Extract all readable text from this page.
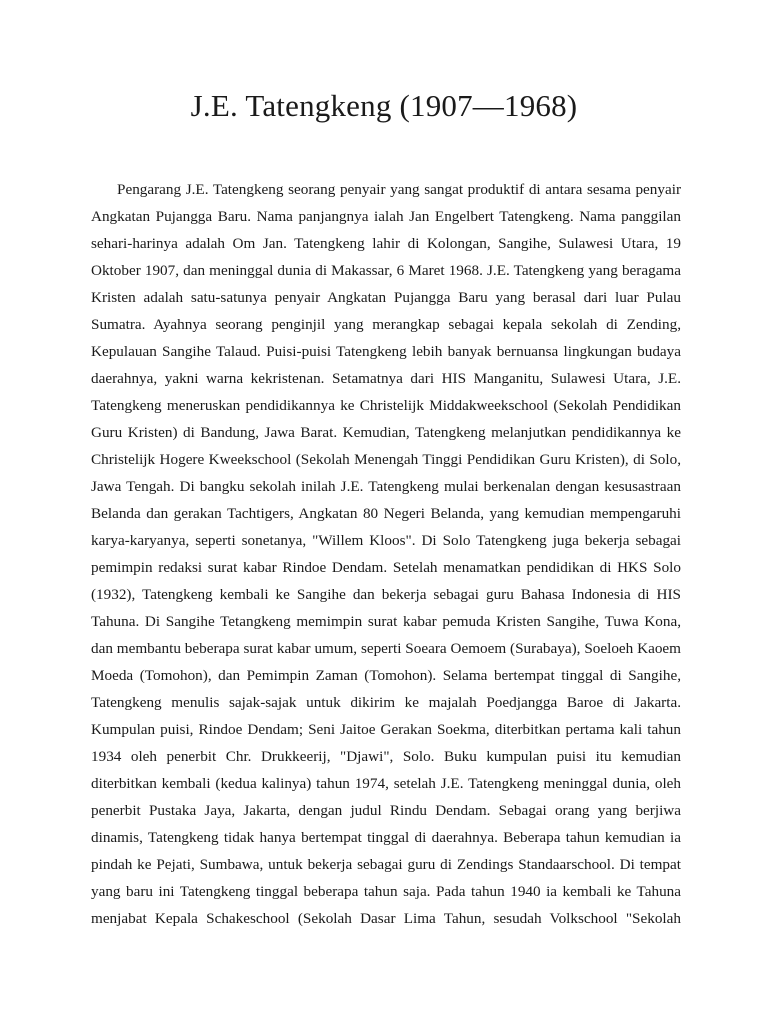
J.E. Tatengkeng (1907—1968)
Pengarang J.E. Tatengkeng seorang penyair yang sangat produktif di antara sesama penyair
Angkatan Pujangga Baru. Nama panjangnya ialah Jan Engelbert Tatengkeng. Nama panggilan
sehari-harinya adalah Om Jan. Tatengkeng lahir di Kolongan, Sangihe, Sulawesi Utara, 19
Oktober 1907, dan meninggal dunia di Makassar, 6 Maret 1968. J.E. Tatengkeng yang beragama
Kristen adalah satu-satunya penyair Angkatan Pujangga Baru yang berasal dari luar Pulau
Sumatra. Ayahnya seorang penginjil yang merangkap sebagai kepala sekolah di Zending,
Kepulauan Sangihe Talaud. Puisi-puisi Tatengkeng lebih banyak bernuansa lingkungan budaya
daerahnya, yakni warna kekristenan. Setamatnya dari HIS Manganitu, Sulawesi Utara, J.E.
Tatengkeng meneruskan pendidikannya ke Christelijk Middakweekschool (Sekolah Pendidikan
Guru Kristen) di Bandung, Jawa Barat. Kemudian, Tatengkeng melanjutkan pendidikannya ke
Christelijk Hogere Kweekschool (Sekolah Menengah Tinggi Pendidikan Guru Kristen), di Solo,
Jawa Tengah. Di bangku sekolah inilah J.E. Tatengkeng mulai berkenalan dengan kesusastraan
Belanda dan gerakan Tachtigers, Angkatan 80 Negeri Belanda, yang kemudian mempengaruhi
karya-karyanya, seperti sonetanya, "Willem Kloos". Di Solo Tatengkeng juga bekerja sebagai
pemimpin redaksi surat kabar Rindoe Dendam. Setelah menamatkan pendidikan di HKS Solo
(1932), Tatengkeng kembali ke Sangihe dan bekerja sebagai guru Bahasa Indonesia di HIS
Tahuna. Di Sangihe Tetangkeng memimpin surat kabar pemuda Kristen Sangihe, Tuwa Kona,
dan membantu beberapa surat kabar umum, seperti Soeara Oemoem (Surabaya), Soeloeh Kaoem
Moeda (Tomohon), dan Pemimpin Zaman (Tomohon). Selama bertempat tinggal di Sangihe,
Tatengkeng menulis sajak-sajak untuk dikirim ke majalah Poedjangga Baroe di Jakarta.
Kumpulan puisi, Rindoe Dendam; Seni Jaitoe Gerakan Soekma, diterbitkan pertama kali tahun
1934 oleh penerbit Chr. Drukkeerij, "Djawi", Solo. Buku kumpulan puisi itu kemudian
diterbitkan kembali (kedua kalinya) tahun 1974, setelah J.E. Tatengkeng meninggal dunia, oleh
penerbit Pustaka Jaya, Jakarta, dengan judul Rindu Dendam. Sebagai orang yang berjiwa
dinamis, Tatengkeng tidak hanya bertempat tinggal di daerahnya. Beberapa tahun kemudian ia
pindah ke Pejati, Sumbawa, untuk bekerja sebagai guru di Zendings Standaarschool. Di tempat
yang baru ini Tatengkeng tinggal beberapa tahun saja. Pada tahun 1940 ia kembali ke Tahuna
menjabat Kepala Schakeschool (Sekolah Dasar Lima Tahun, sesudah Volkschool "Sekolah
